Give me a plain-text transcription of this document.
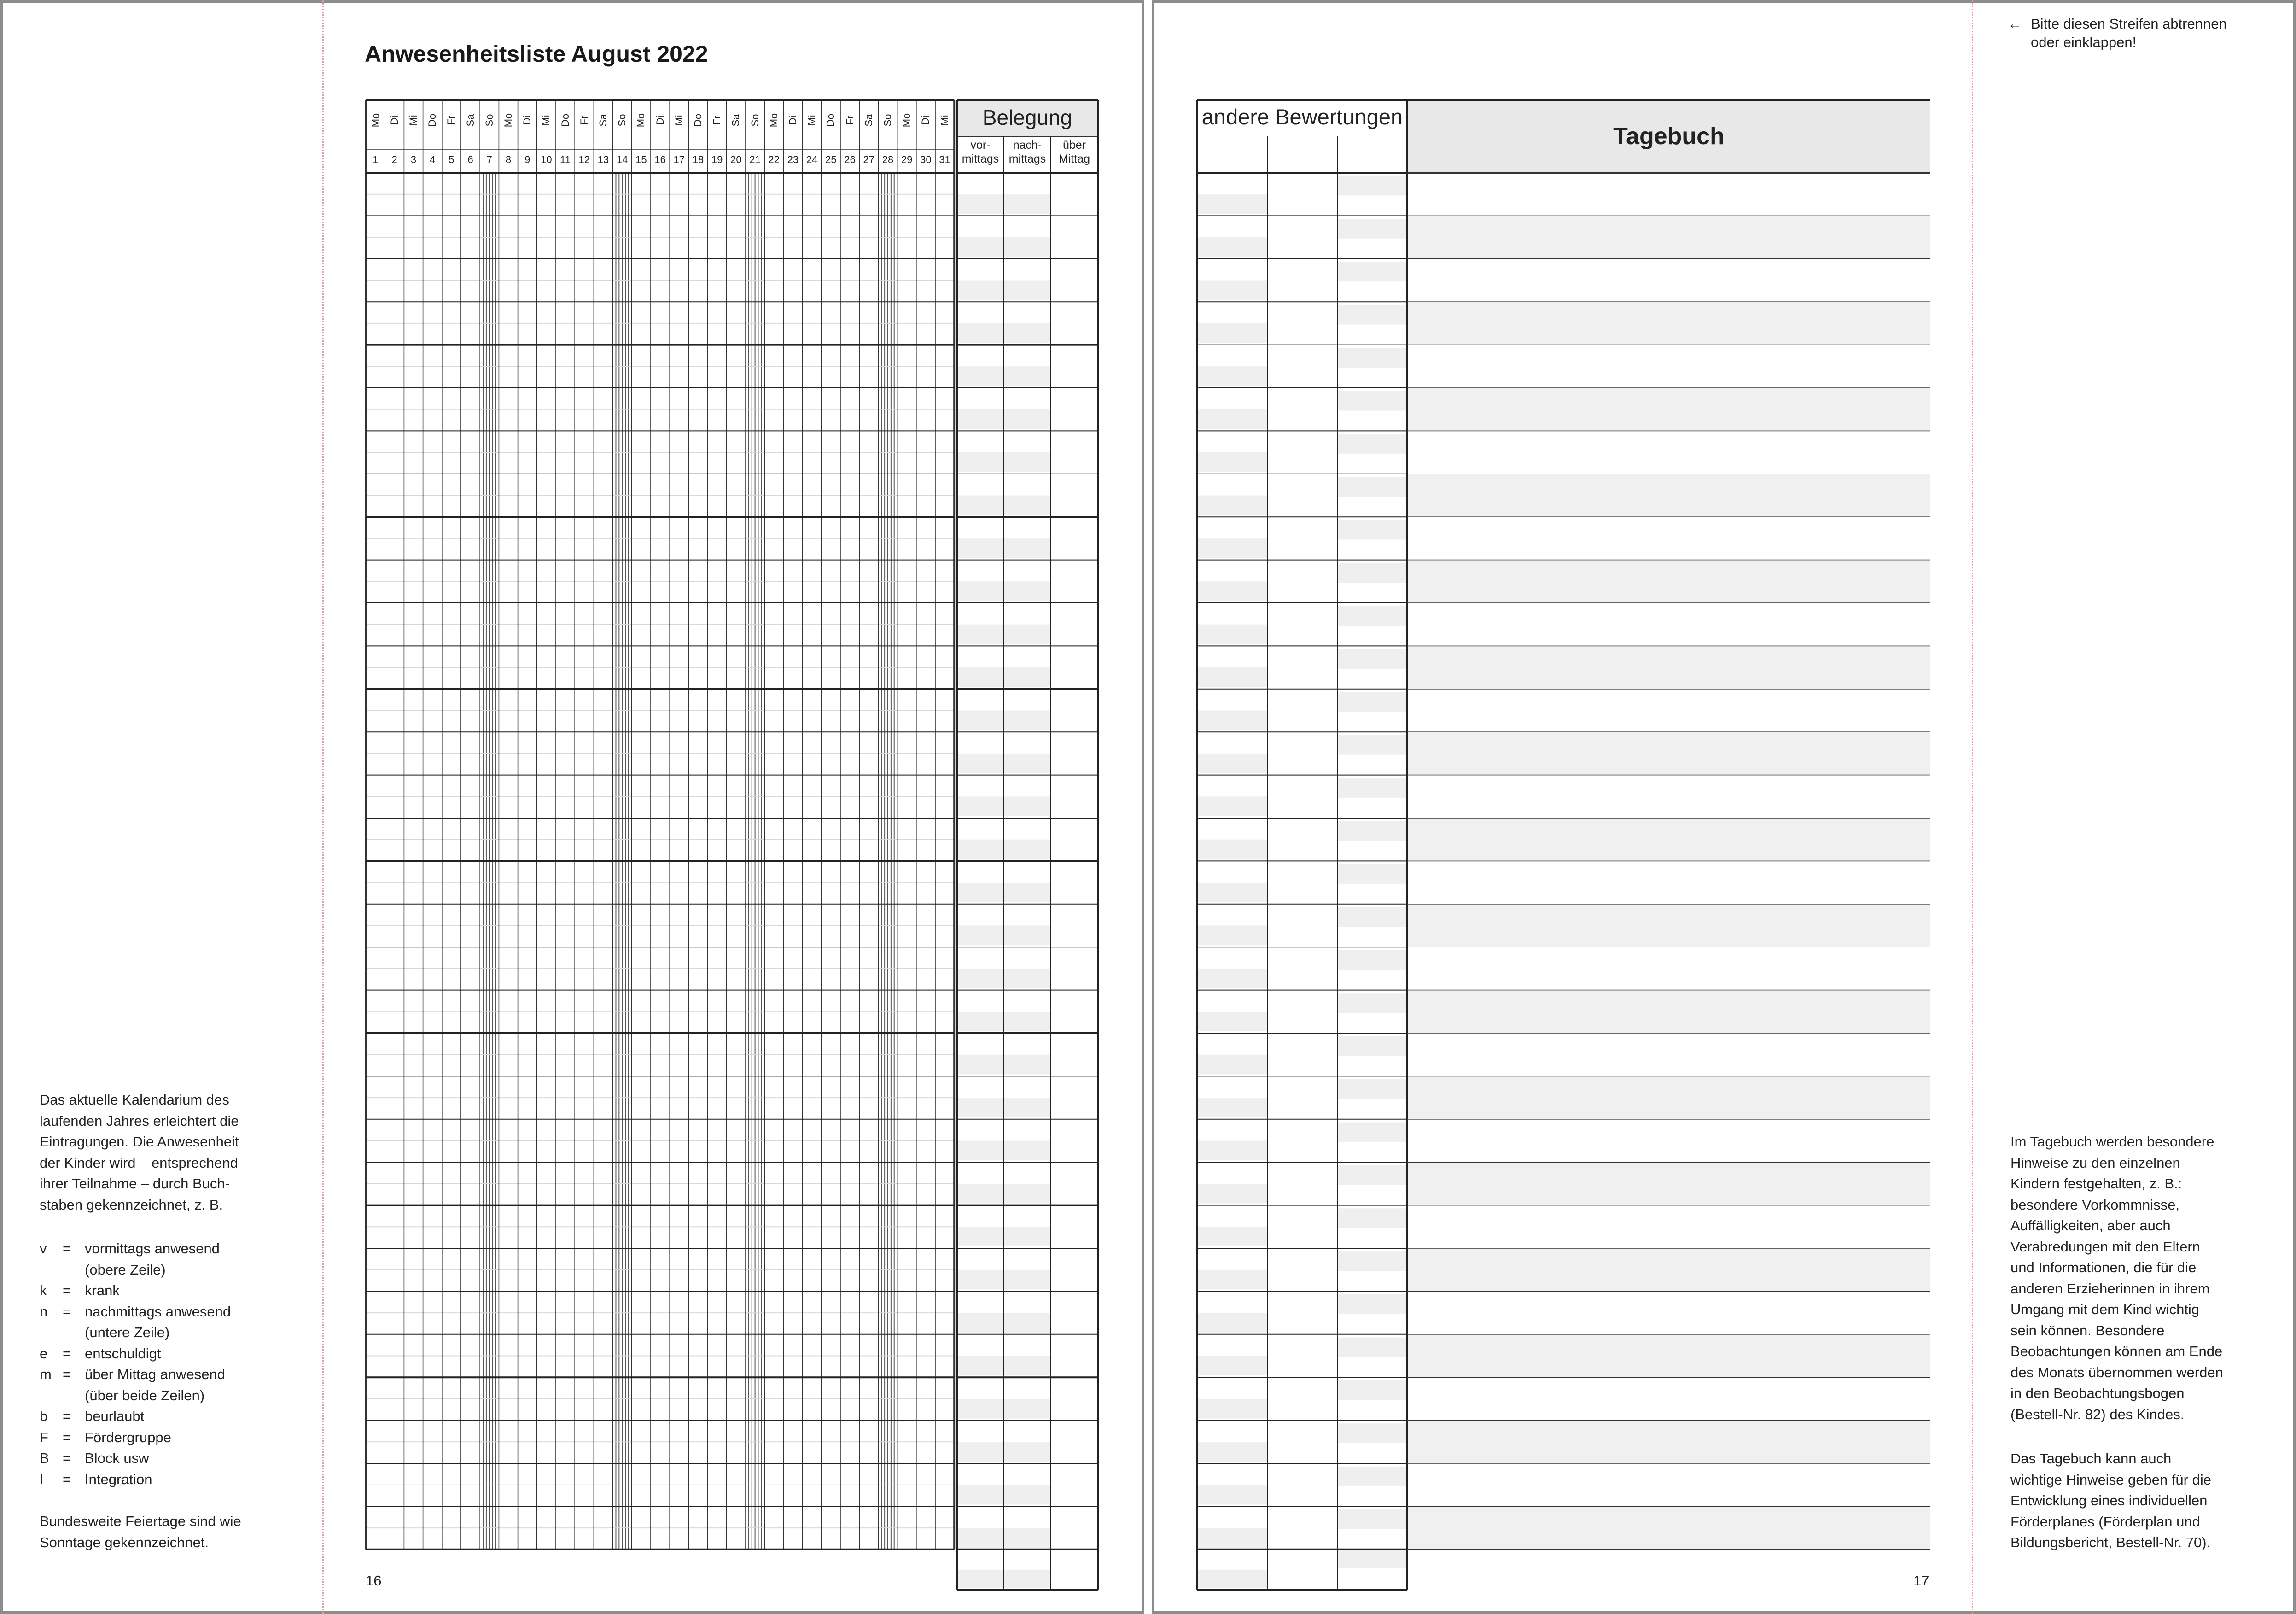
Anwesenheitsliste August 2022

Das aktuelle Kalendarium des

laufenden Jahres erleichtert die

Eintragungen. Die Anwesenheit

der Kinder wird – entsprechend

ihrer Teilnahme – durch Buch-

staben gekennzeichnet, z. B.

v	= vormittags anwesend
(obere Zeile)
k	= krank
n	= nachmittags anwesend
(untere Zeile)
e	= entschuldigt
m = über Mittag anwesend
(über beide Zeilen)
b	= beurlaubt
F	= Fördergruppe
B = Block usw
I	= Integration

Bundesweite Feiertage sind wie

Sonntage gekennzeichnet.

16
Mo
1
Di
2
Mi
3
Do
4
Fr
5
Sa
6
So
7
Mo
8
Di
9
Mi
10
Do
11
Fr
12
Sa
13
So
14
Mo
15
Di
16
Mi
17
Do
18
Fr
19
Sa
20
So
21
Mo
22
Di
23
Mi
24
Do
25
Fr
26
Sa
27
So
28
Mo
29
Di
30
Mi
31
Belegung
vor-
mittags
nach-
mittags
über
Mittag
andere Bewertungen
Tagebuch
17
← Bitte diesen Streifen abtrennen
oder einklappen!

Im Tagebuch werden besondere

Hinweise zu den einzelnen

Kindern festgehalten, z. B.:

besondere Vorkommnisse,

Auffälligkeiten, aber auch

Verabredungen mit den Eltern

und Informationen, die für die

anderen Erzieherinnen in ihrem

Umgang mit dem Kind wichtig

sein können. Besondere

Beobachtungen können am Ende

des Monats übernommen werden

in den Beobachtungsbogen

(Bestell-Nr. 82) des Kindes.

Das Tagebuch kann auch

wichtige Hinweise geben für die

Entwicklung eines individuellen

Förderplanes (Förderplan und

Bildungsbericht, Bestell-Nr. 70).
